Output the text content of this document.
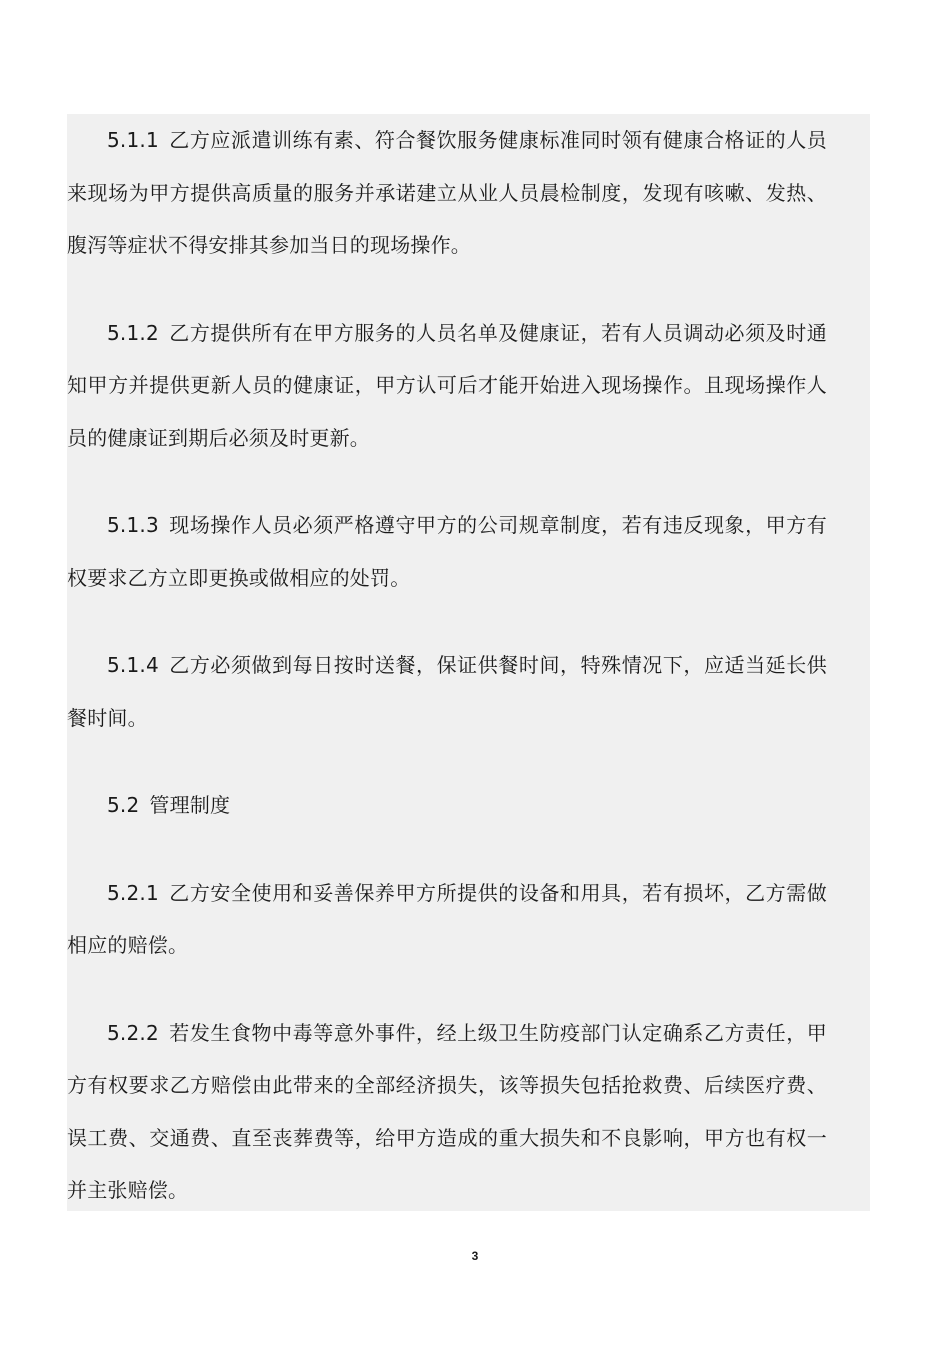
5.1.1 乙方应派遣训练有素、符合餐饮服务健康标准同时领有健康合格证的人员来现场为甲方提供高质量的服务并承诺建立从业人员晨检制度，发现有咳嗽、发热、腹泻等症状不得安排其参加当日的现场操作。

5.1.2 乙方提供所有在甲方服务的人员名单及健康证，若有人员调动必须及时通知甲方并提供更新人员的健康证，甲方认可后才能开始进入现场操作。且现场操作人员的健康证到期后必须及时更新。

5.1.3 现场操作人员必须严格遵守甲方的公司规章制度，若有违反现象，甲方有权要求乙方立即更换或做相应的处罚。

5.1.4 乙方必须做到每日按时送餐，保证供餐时间，特殊情况下，应适当延长供餐时间。

5.2 管理制度

5.2.1 乙方安全使用和妥善保养甲方所提供的设备和用具，若有损坏，乙方需做相应的赔偿。

5.2.2 若发生食物中毒等意外事件，经上级卫生防疫部门认定确系乙方责任，甲方有权要求乙方赔偿由此带来的全部经济损失，该等损失包括抢救费、后续医疗费、误工费、交通费、直至丧葬费等，给甲方造成的重大损失和不良影响，甲方也有权一并主张赔偿。

3
